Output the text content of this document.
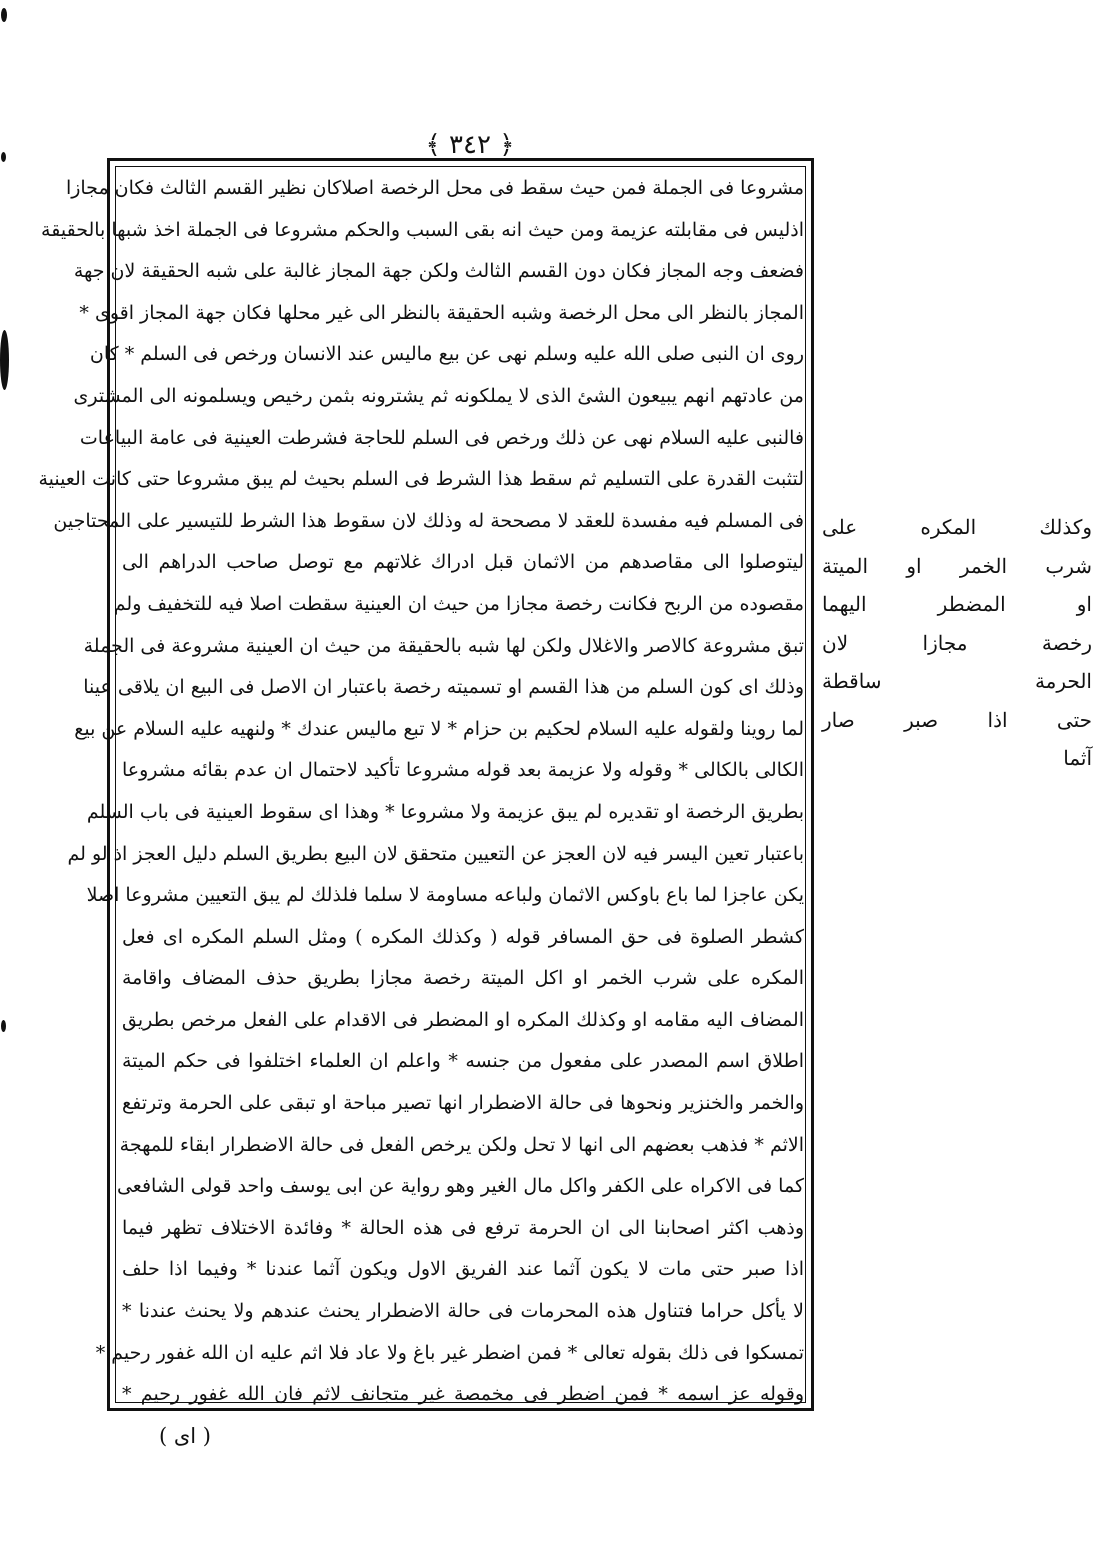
﴿ ٣٤٢ ﴾
مشروعا فى الجملة فمن حيث سقط فى محل الرخصة اصلاكان نظير القسم الثالث فكان مجازا
اذليس فى مقابلته عزيمة ومن حيث انه بقى السبب والحكم مشروعا فى الجملة اخذ شبها بالحقيقة
فضعف وجه المجاز فكان دون القسم الثالث ولكن جهة المجاز غالبة على شبه الحقيقة لان جهة
المجاز بالنظر الى محل الرخصة وشبه الحقيقة بالنظر الى غير محلها فكان جهة المجاز اقوى *
روى ان النبى صلى الله عليه وسلم نهى عن بيع ماليس عند الانسان ورخص فى السلم * كان
من عادتهم انهم يبيعون الشئ الذى لا يملكونه ثم يشترونه بثمن رخيص ويسلمونه الى المشترى
فالنبى عليه السلام نهى عن ذلك ورخص فى السلم للحاجة فشرطت العينية فى عامة البياعات
لتثبت القدرة على التسليم ثم سقط هذا الشرط فى السلم بحيث لم يبق مشروعا حتى كانت العينية
فى المسلم فيه مفسدة للعقد لا مصححة له وذلك لان سقوط هذا الشرط للتيسير على المحتاجين
ليتوصلوا الى مقاصدهم من الاثمان قبل ادراك غلاتهم مع توصل صاحب الدراهم الى
مقصوده من الربح فكانت رخصة مجازا من حيث ان العينية سقطت اصلا فيه للتخفيف ولم
تبق مشروعة كالاصر والاغلال ولكن لها شبه بالحقيقة من حيث ان العينية مشروعة فى الجملة
وذلك اى كون السلم من هذا القسم او تسميته رخصة باعتبار ان الاصل فى البيع ان يلاقى عينا
لما روينا ولقوله عليه السلام لحكيم بن حزام * لا تبع ماليس عندك * ولنهيه عليه السلام عن بيع
الكالى بالكالى * وقوله ولا عزيمة بعد قوله مشروعا تأكيد لاحتمال ان عدم بقائه مشروعا
بطريق الرخصة او تقديره لم يبق عزيمة ولا مشروعا * وهذا اى سقوط العينية فى باب السلم
باعتبار تعين اليسر فيه لان العجز عن التعيين متحقق لان البيع بطريق السلم دليل العجز اذ لو لم
يكن عاجزا لما باع باوكس الاثمان ولباعه مساومة لا سلما فلذلك لم يبق التعيين مشروعا اصلا
كشطر الصلوة فى حق المسافر قوله ( وكذلك المكره ) ومثل السلم المكره اى فعل
المكره على شرب الخمر او اكل الميتة رخصة مجازا بطريق حذف المضاف واقامة
المضاف اليه مقامه او وكذلك المكره او المضطر فى الاقدام على الفعل مرخص بطريق
اطلاق اسم المصدر على مفعول من جنسه * واعلم ان العلماء اختلفوا فى حكم الميتة
والخمر والخنزير ونحوها فى حالة الاضطرار انها تصير مباحة او تبقى على الحرمة وترتفع
الاثم * فذهب بعضهم الى انها لا تحل ولكن يرخص الفعل فى حالة الاضطرار ابقاء للمهجة
كما فى الاكراه على الكفر واكل مال الغير وهو رواية عن ابى يوسف واحد قولى الشافعى
وذهب اكثر اصحابنا الى ان الحرمة ترفع فى هذه الحالة * وفائدة الاختلاف تظهر فيما
اذا صبر حتى مات لا يكون آثما عند الفريق الاول ويكون آثما عندنا * وفيما اذا حلف
لا يأكل حراما فتناول هذه المحرمات فى حالة الاضطرار يحنث عندهم ولا يحنث عندنا *
تمسكوا فى ذلك بقوله تعالى * فمن اضطر غير باغ ولا عاد فلا اثم عليه ان الله غفور رحيم *
وقوله عز اسمه * فمن اضطر فى مخمصة غير متجانف لاثم فان الله غفور رحيم *
وكذلك المكره على
شرب الخمر او الميتة
او المضطر اليهما
رخصة مجازا لان
الحرمة ساقطة
حتى اذا صبر صار
آثما
( اى )
